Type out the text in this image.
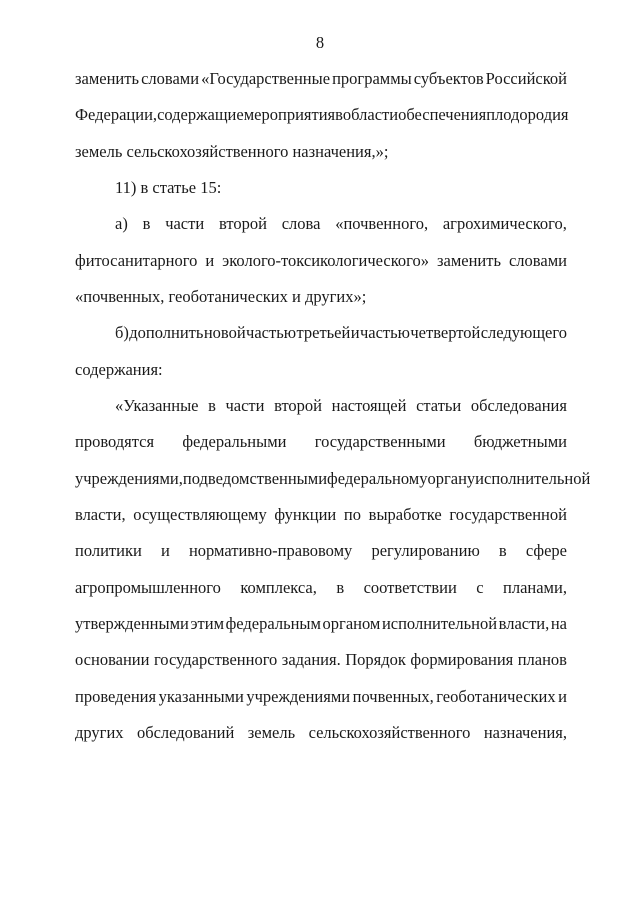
8
заменить словами «Государственные программы субъектов Российской
Федерации, содержащие мероприятия в области обеспечения плодородия
земель сельскохозяйственного назначения,»;
11) в статье 15:
а) в части второй слова «почвенного, агрохимического,
фитосанитарного и эколого-токсикологического» заменить словами
«почвенных, геоботанических и других»;
б) дополнить новой частью третьей и частью четвертой следующего
содержания:
«Указанные в части второй настоящей статьи обследования
проводятся федеральными государственными бюджетными
учреждениями, подведомственными федеральному органу исполнительной
власти, осуществляющему функции по выработке государственной
политики и нормативно-правовому регулированию в сфере
агропромышленного комплекса, в соответствии с планами,
утвержденными этим федеральным органом исполнительной власти, на
основании государственного задания. Порядок формирования планов
проведения указанными учреждениями почвенных, геоботанических и
других обследований земель сельскохозяйственного назначения,
